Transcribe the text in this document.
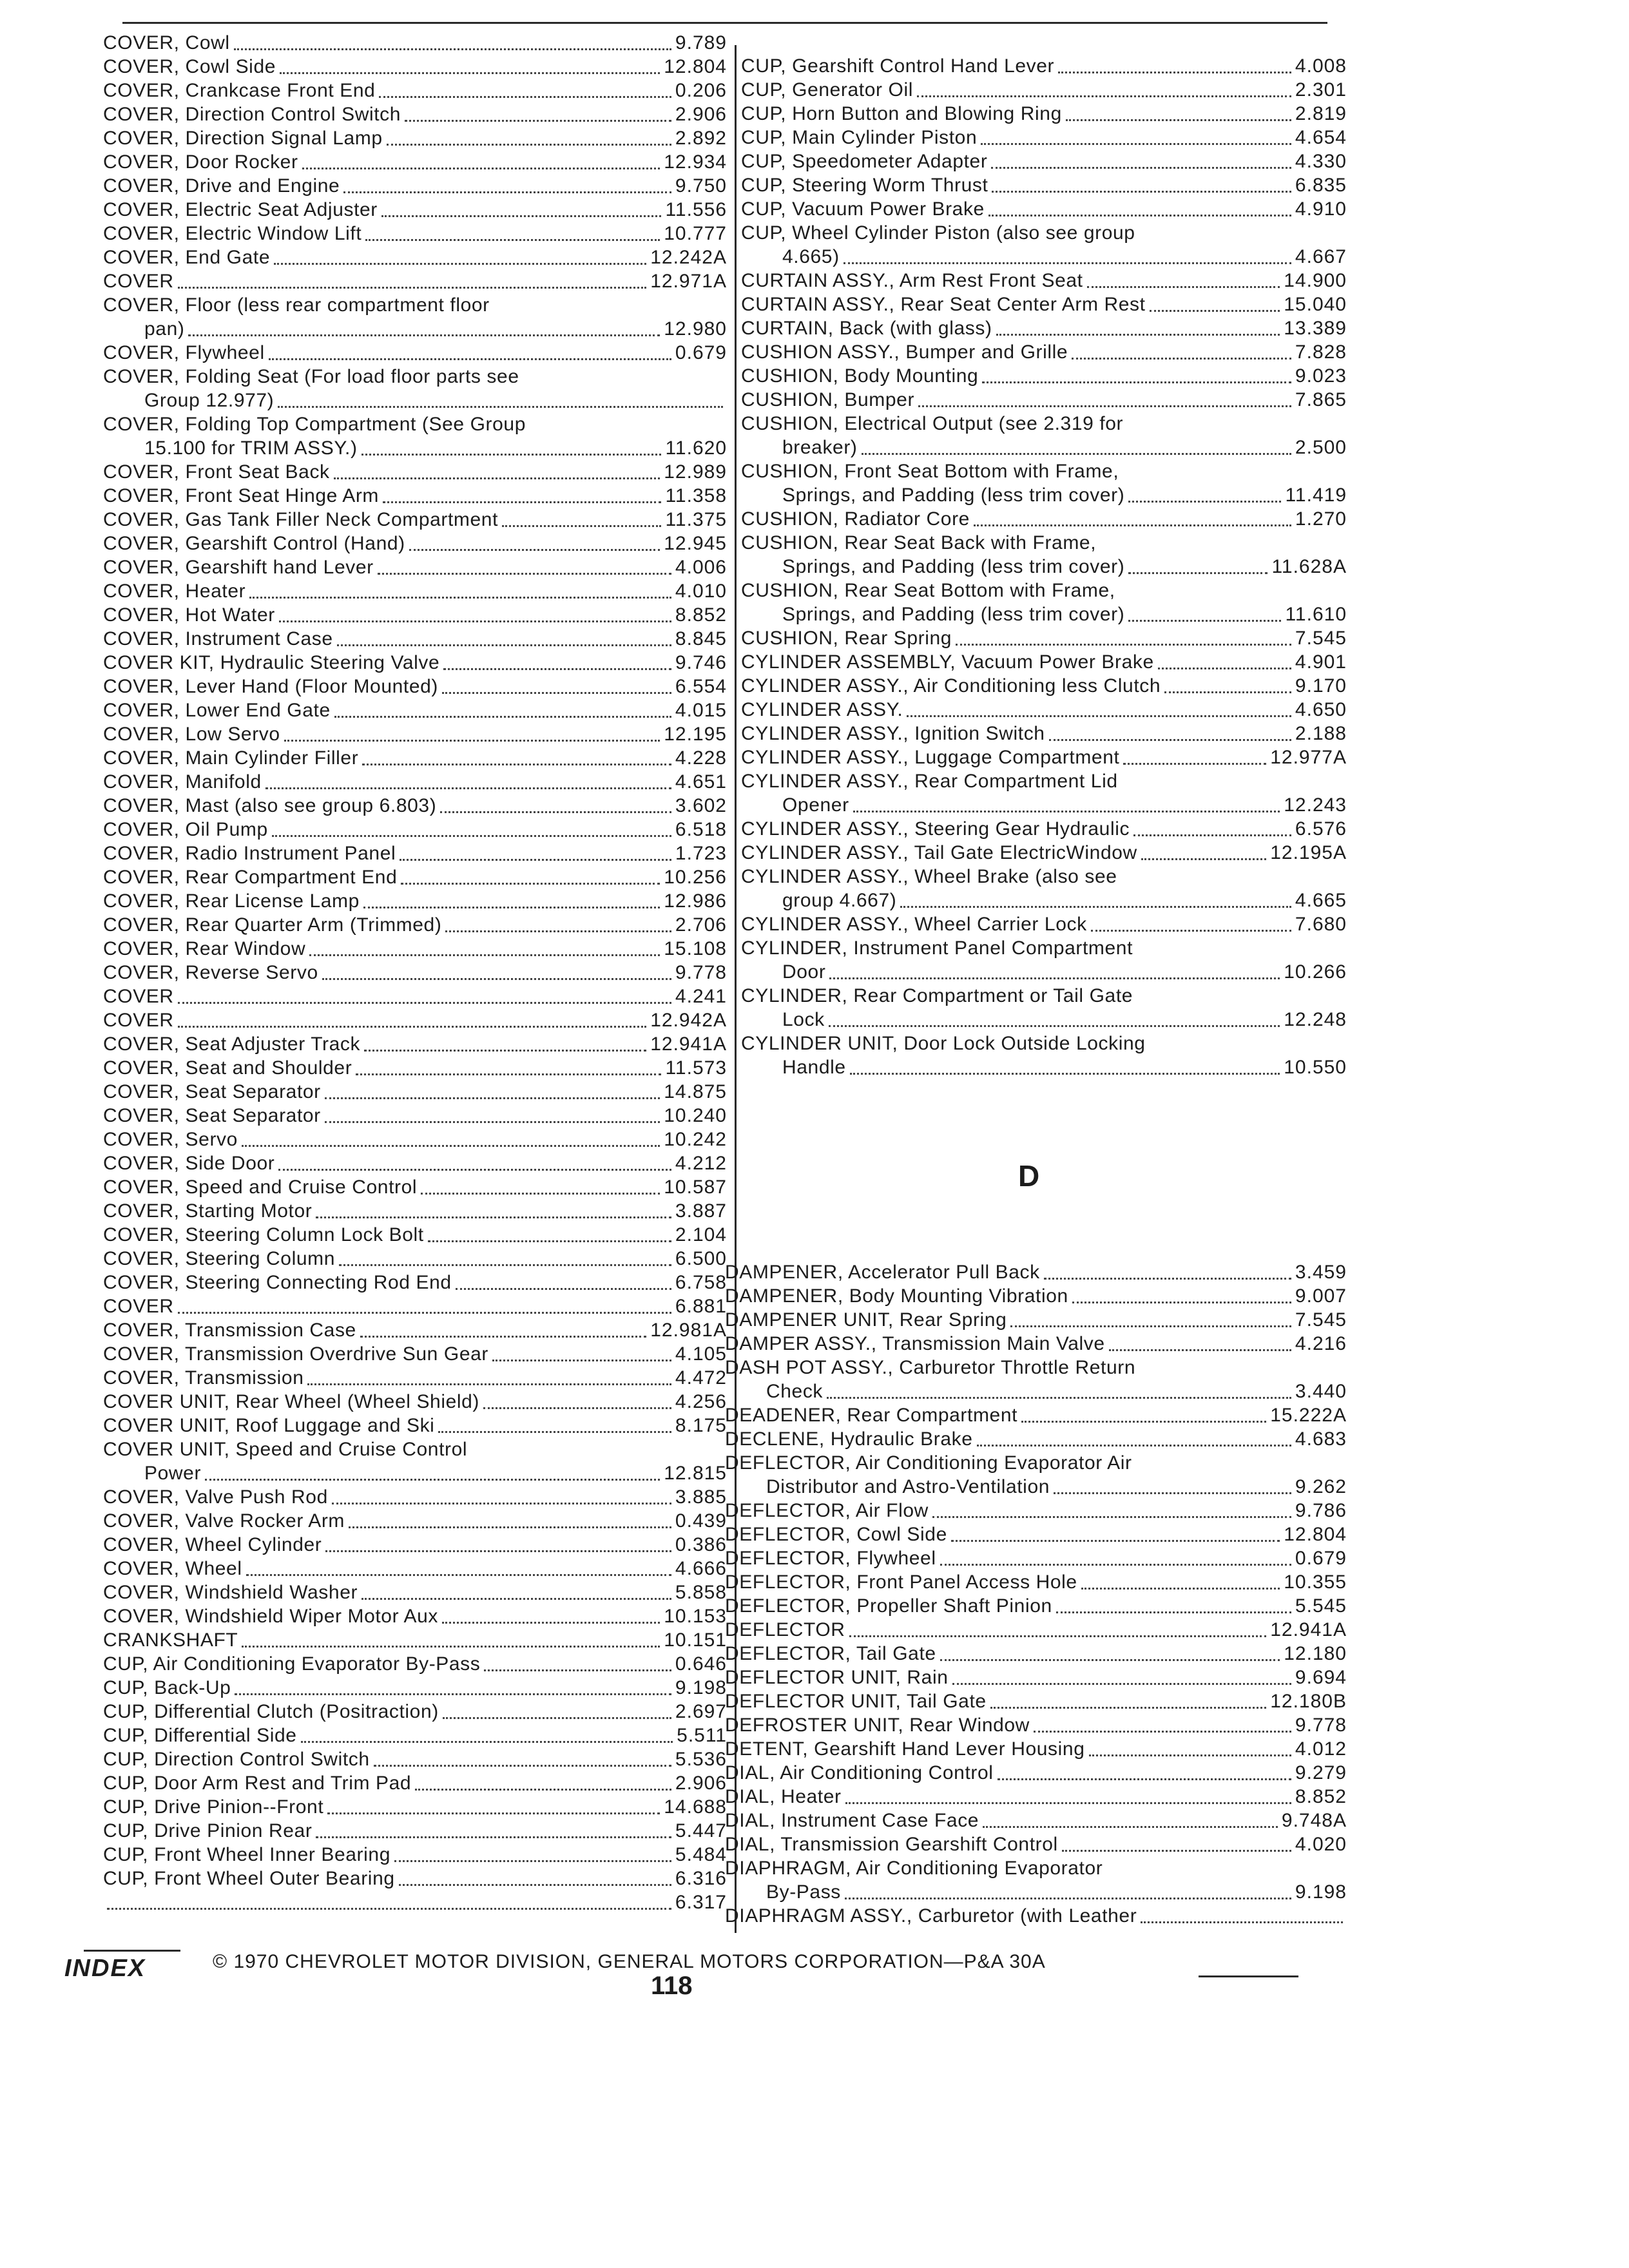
COVER, Cowl	9.789
COVER, Cowl Side	12.804
COVER, Crankcase Front End	0.206
COVER, Direction Control Switch	2.906
COVER, Direction Signal Lamp	2.892
COVER, Door Rocker	12.934
COVER, Drive and Engine	9.750
COVER, Electric Seat Adjuster	11.556
COVER, Electric Window Lift	10.777
COVER, End Gate	12.242A
COVER	12.971A
COVER, Floor (less rear compartment floor
pan)	12.980
COVER, Flywheel	0.679
COVER, Folding Seat (For load floor parts see
Group 12.977)
COVER, Folding Top Compartment (See Group
15.100 for TRIM ASSY.)	11.620
COVER, Front Seat Back	12.989
COVER, Front Seat Hinge Arm	11.358
COVER, Gas Tank Filler Neck Compartment	11.375
COVER, Gearshift Control (Hand)	12.945
COVER, Gearshift hand Lever	4.006
COVER, Heater	4.010
COVER, Hot Water	8.852
COVER, Instrument Case	8.845
COVER KIT, Hydraulic Steering Valve	9.746
COVER, Lever Hand (Floor Mounted)	6.554
COVER, Lower End Gate	4.015
COVER, Low Servo	12.195
COVER, Main Cylinder Filler	4.228
COVER, Manifold	4.651
COVER, Mast (also see group 6.803)	3.602
COVER, Oil Pump	6.518
COVER, Radio Instrument Panel	1.723
COVER, Rear Compartment End	10.256
COVER, Rear License Lamp	12.986
COVER, Rear Quarter Arm (Trimmed)	2.706
COVER, Rear Window	15.108
COVER, Reverse Servo	9.778
COVER	4.241
COVER	12.942A
COVER, Seat Adjuster Track	12.941A
COVER, Seat and Shoulder	11.573
COVER, Seat Separator	14.875
COVER, Seat Separator	10.240
COVER, Servo	10.242
COVER, Side Door	4.212
COVER, Speed and Cruise Control	10.587
COVER, Starting Motor	3.887
COVER, Steering Column Lock Bolt	2.104
COVER, Steering Column	6.500
COVER, Steering Connecting Rod End	6.758
COVER	6.881
COVER, Transmission Case	12.981A
COVER, Transmission Overdrive Sun Gear	4.105
COVER, Transmission	4.472
COVER UNIT, Rear Wheel (Wheel Shield)	4.256
COVER UNIT, Roof Luggage and Ski	8.175
COVER UNIT, Speed and Cruise Control
Power	12.815
COVER, Valve Push Rod	3.885
COVER, Valve Rocker Arm	0.439
COVER, Wheel Cylinder	0.386
COVER, Wheel	4.666
COVER, Windshield Washer	5.858
COVER, Windshield Wiper Motor Aux	10.153
CRANKSHAFT	10.151
CUP, Air Conditioning Evaporator By-Pass	0.646
CUP, Back-Up	9.198
CUP, Differential Clutch (Positraction)	2.697
CUP, Differential Side	5.511
CUP, Direction Control Switch	5.536
CUP, Door Arm Rest and Trim Pad	2.906
CUP, Drive Pinion--Front	14.688
CUP, Drive Pinion Rear	5.447
CUP, Front Wheel Inner Bearing	5.484
CUP, Front Wheel Outer Bearing	6.316
6.317
CUP, Gearshift Control Hand Lever	4.008
CUP, Generator Oil	2.301
CUP, Horn Button and Blowing Ring	2.819
CUP, Main Cylinder Piston	4.654
CUP, Speedometer Adapter	4.330
CUP, Steering Worm Thrust	6.835
CUP, Vacuum Power Brake	4.910
CUP, Wheel Cylinder Piston (also see group
4.665)	4.667
CURTAIN ASSY., Arm Rest Front Seat	14.900
CURTAIN ASSY., Rear Seat Center Arm Rest	15.040
CURTAIN, Back (with glass)	13.389
CUSHION ASSY., Bumper and Grille	7.828
CUSHION, Body Mounting	9.023
CUSHION, Bumper	7.865
CUSHION, Electrical Output (see 2.319 for
breaker)	2.500
CUSHION, Front Seat Bottom with Frame,
Springs, and Padding (less trim cover)	11.419
CUSHION, Radiator Core	1.270
CUSHION, Rear Seat Back with Frame,
Springs, and Padding (less trim cover)	11.628A
CUSHION, Rear Seat Bottom with Frame,
Springs, and Padding (less trim cover)	11.610
CUSHION, Rear Spring	7.545
CYLINDER ASSEMBLY, Vacuum Power Brake	4.901
CYLINDER ASSY., Air Conditioning less Clutch	9.170
CYLINDER ASSY.	4.650
CYLINDER ASSY., Ignition Switch	2.188
CYLINDER ASSY., Luggage Compartment	12.977A
CYLINDER ASSY., Rear Compartment Lid
Opener	12.243
CYLINDER ASSY., Steering Gear Hydraulic	6.576
CYLINDER ASSY., Tail Gate ElectricWindow	12.195A
CYLINDER ASSY., Wheel Brake (also see
group 4.667)	4.665
CYLINDER ASSY., Wheel Carrier Lock	7.680
CYLINDER, Instrument Panel Compartment
Door	10.266
CYLINDER, Rear Compartment or Tail Gate
Lock	12.248
CYLINDER UNIT, Door Lock Outside Locking
Handle	10.550
D
DAMPENER, Accelerator Pull Back	3.459
DAMPENER, Body Mounting Vibration	9.007
DAMPENER UNIT, Rear Spring	7.545
DAMPER ASSY., Transmission Main Valve	4.216
DASH POT ASSY., Carburetor Throttle Return
Check	3.440
DEADENER, Rear Compartment	15.222A
DECLENE, Hydraulic Brake	4.683
DEFLECTOR, Air Conditioning Evaporator Air
Distributor and Astro-Ventilation	9.262
DEFLECTOR, Air Flow	9.786
DEFLECTOR, Cowl Side	12.804
DEFLECTOR, Flywheel	0.679
DEFLECTOR, Front Panel Access Hole	10.355
DEFLECTOR, Propeller Shaft Pinion	5.545
DEFLECTOR	12.941A
DEFLECTOR, Tail Gate	12.180
DEFLECTOR UNIT, Rain	9.694
DEFLECTOR UNIT, Tail Gate	12.180B
DEFROSTER UNIT, Rear Window	9.778
DETENT, Gearshift Hand Lever Housing	4.012
DIAL, Air Conditioning Control	9.279
DIAL, Heater	8.852
DIAL, Instrument Case Face	9.748A
DIAL, Transmission Gearshift Control	4.020
DIAPHRAGM, Air Conditioning Evaporator
By-Pass	9.198
DIAPHRAGM ASSY., Carburetor (with Leather
INDEX	© 1970 CHEVROLET MOTOR DIVISION, GENERAL MOTORS CORPORATION—P&A 30A
118
